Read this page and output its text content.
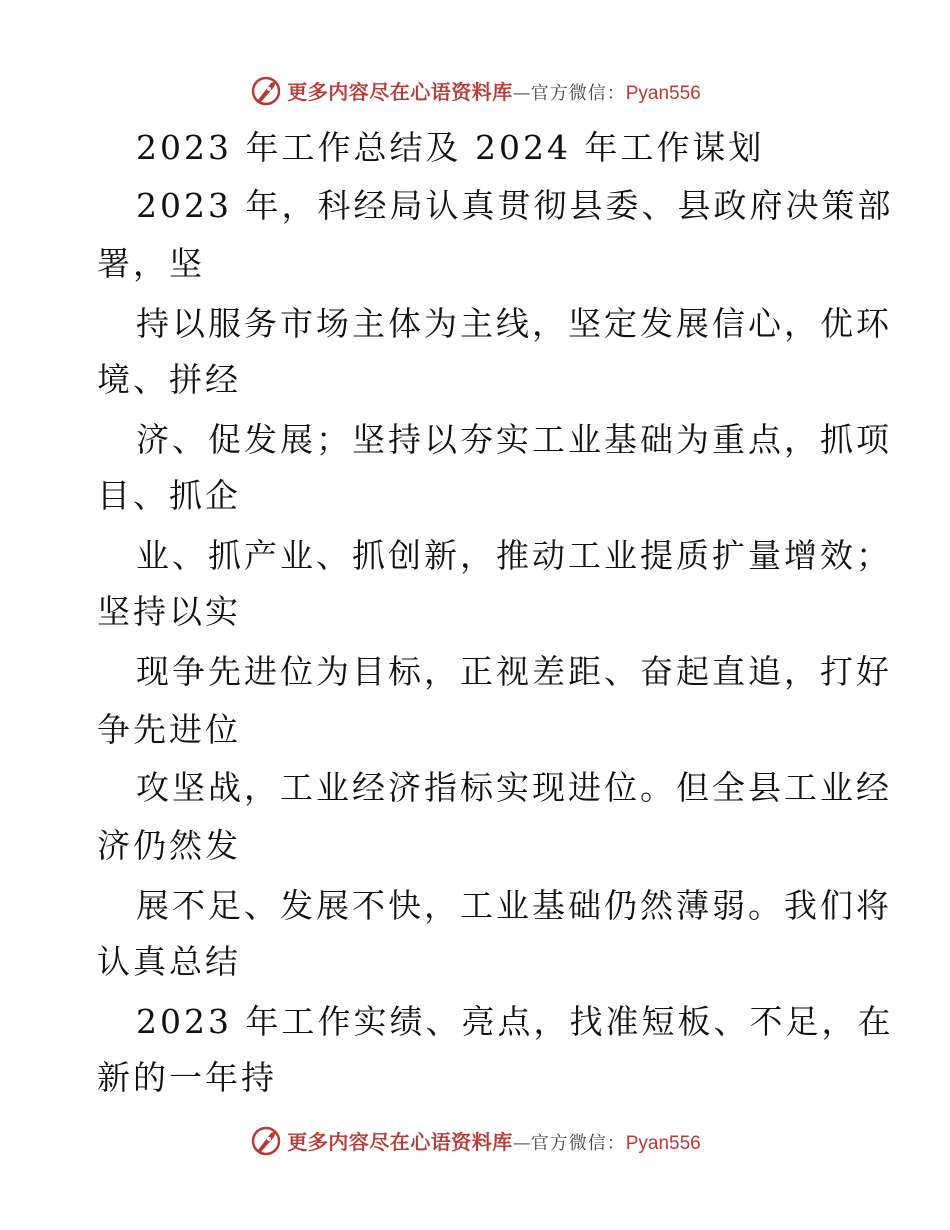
更多内容尽在心语资料库 — 官方微信： Pyan556
2023 年工作总结及 2024 年工作谋划
2023 年，科经局认真贯彻县委、县政府决策部
署，坚
持以服务市场主体为主线，坚定发展信心，优环
境、拼经
济、促发展；坚持以夯实工业基础为重点，抓项
目、抓企
业、抓产业、抓创新，推动工业提质扩量增效；
坚持以实
现争先进位为目标，正视差距、奋起直追，打好
争先进位
攻坚战，工业经济指标实现进位。但全县工业经
济仍然发
展不足、发展不快，工业基础仍然薄弱。我们将
认真总结
2023 年工作实绩、亮点，找准短板、不足，在
新的一年持
更多内容尽在心语资料库 — 官方微信： Pyan556
